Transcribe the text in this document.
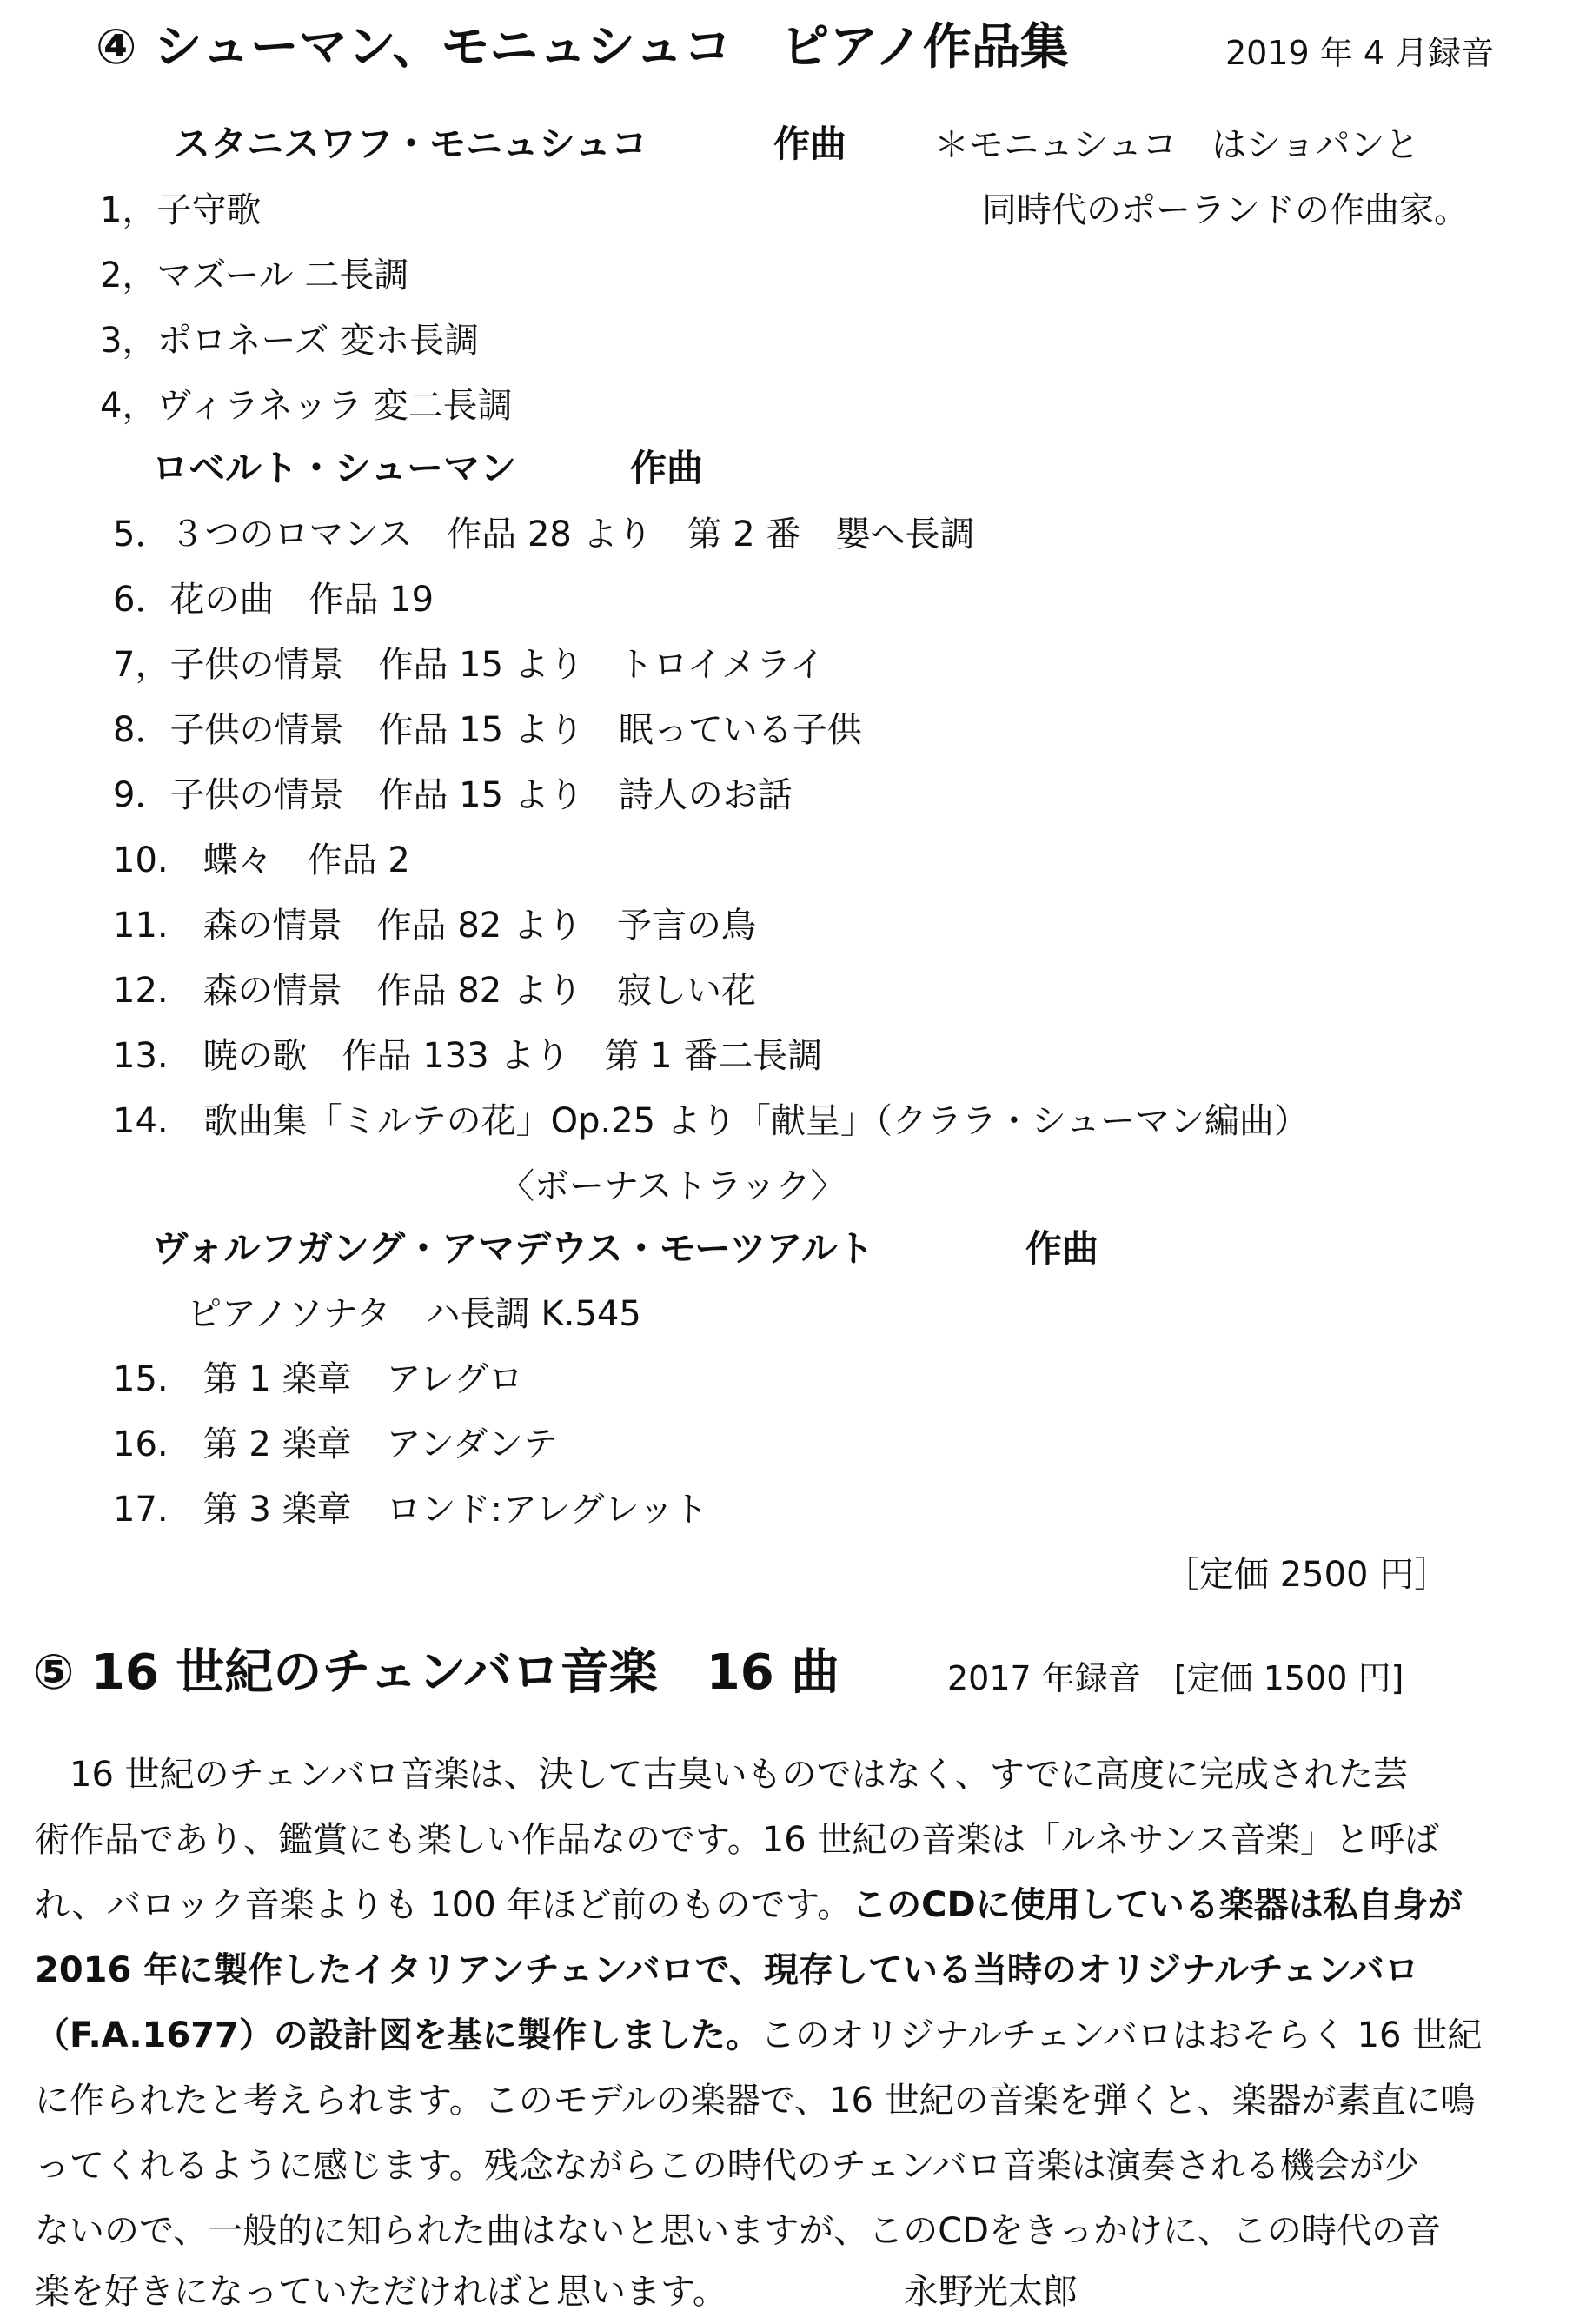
④ シューマン、モニュシュコ　ピアノ作品集	2019 年 4 月録音
スタニスワフ・モニュシュコ	作曲	＊モニュシュコ　はショパンと
同時代のポーランドの作曲家。
1，子守歌
2，マズール 二長調
3，ポロネーズ 変ホ長調
4，ヴィラネッラ 変二長調
ロベルト・シューマン	作曲
5．３つのロマンス　作品 28 より　第 2 番　嬰へ長調
6．花の曲　作品 19
7，子供の情景　作品 15 より　トロイメライ
8．子供の情景　作品 15 より　眠っている子供
9．子供の情景　作品 15 より　詩人のお話
10.　蝶々　作品 2
11.　森の情景　作品 82 より　予言の鳥
12.　森の情景　作品 82 より　寂しい花
13.　暁の歌　作品 133 より　第 1 番二長調
14.　歌曲集「ミルテの花」Op.25 より「献呈」（クララ・シューマン編曲）
〈ボーナストラック〉
ヴォルフガング・アマデウス・モーツアルト	作曲
ピアノソナタ　ハ長調 K.545
15.　第 1 楽章　アレグロ
16.　第 2 楽章　アンダンテ
17.　第 3 楽章　ロンド:アレグレット
［定価 2500 円］
⑤ 16 世紀のチェンバロ音楽　16 曲	2017 年録音　[定価 1500 円]
　16 世紀のチェンバロ音楽は、決して古臭いものではなく、すでに高度に完成された芸
術作品であり、鑑賞にも楽しい作品なのです。16 世紀の音楽は「ルネサンス音楽」と呼ば
れ、バロック音楽よりも 100 年ほど前のものです。このCDに使用している楽器は私自身が
2016 年に製作したイタリアンチェンバロで、現存している当時のオリジナルチェンバロ
（F.A.1677）の設計図を基に製作しました。このオリジナルチェンバロはおそらく 16 世紀
に作られたと考えられます。このモデルの楽器で、16 世紀の音楽を弾くと、楽器が素直に鳴
ってくれるように感じます。残念ながらこの時代のチェンバロ音楽は演奏される機会が少
ないので、一般的に知られた曲はないと思いますが、このCDをきっかけに、この時代の音
楽を好きになっていただければと思います。	永野光太郎
